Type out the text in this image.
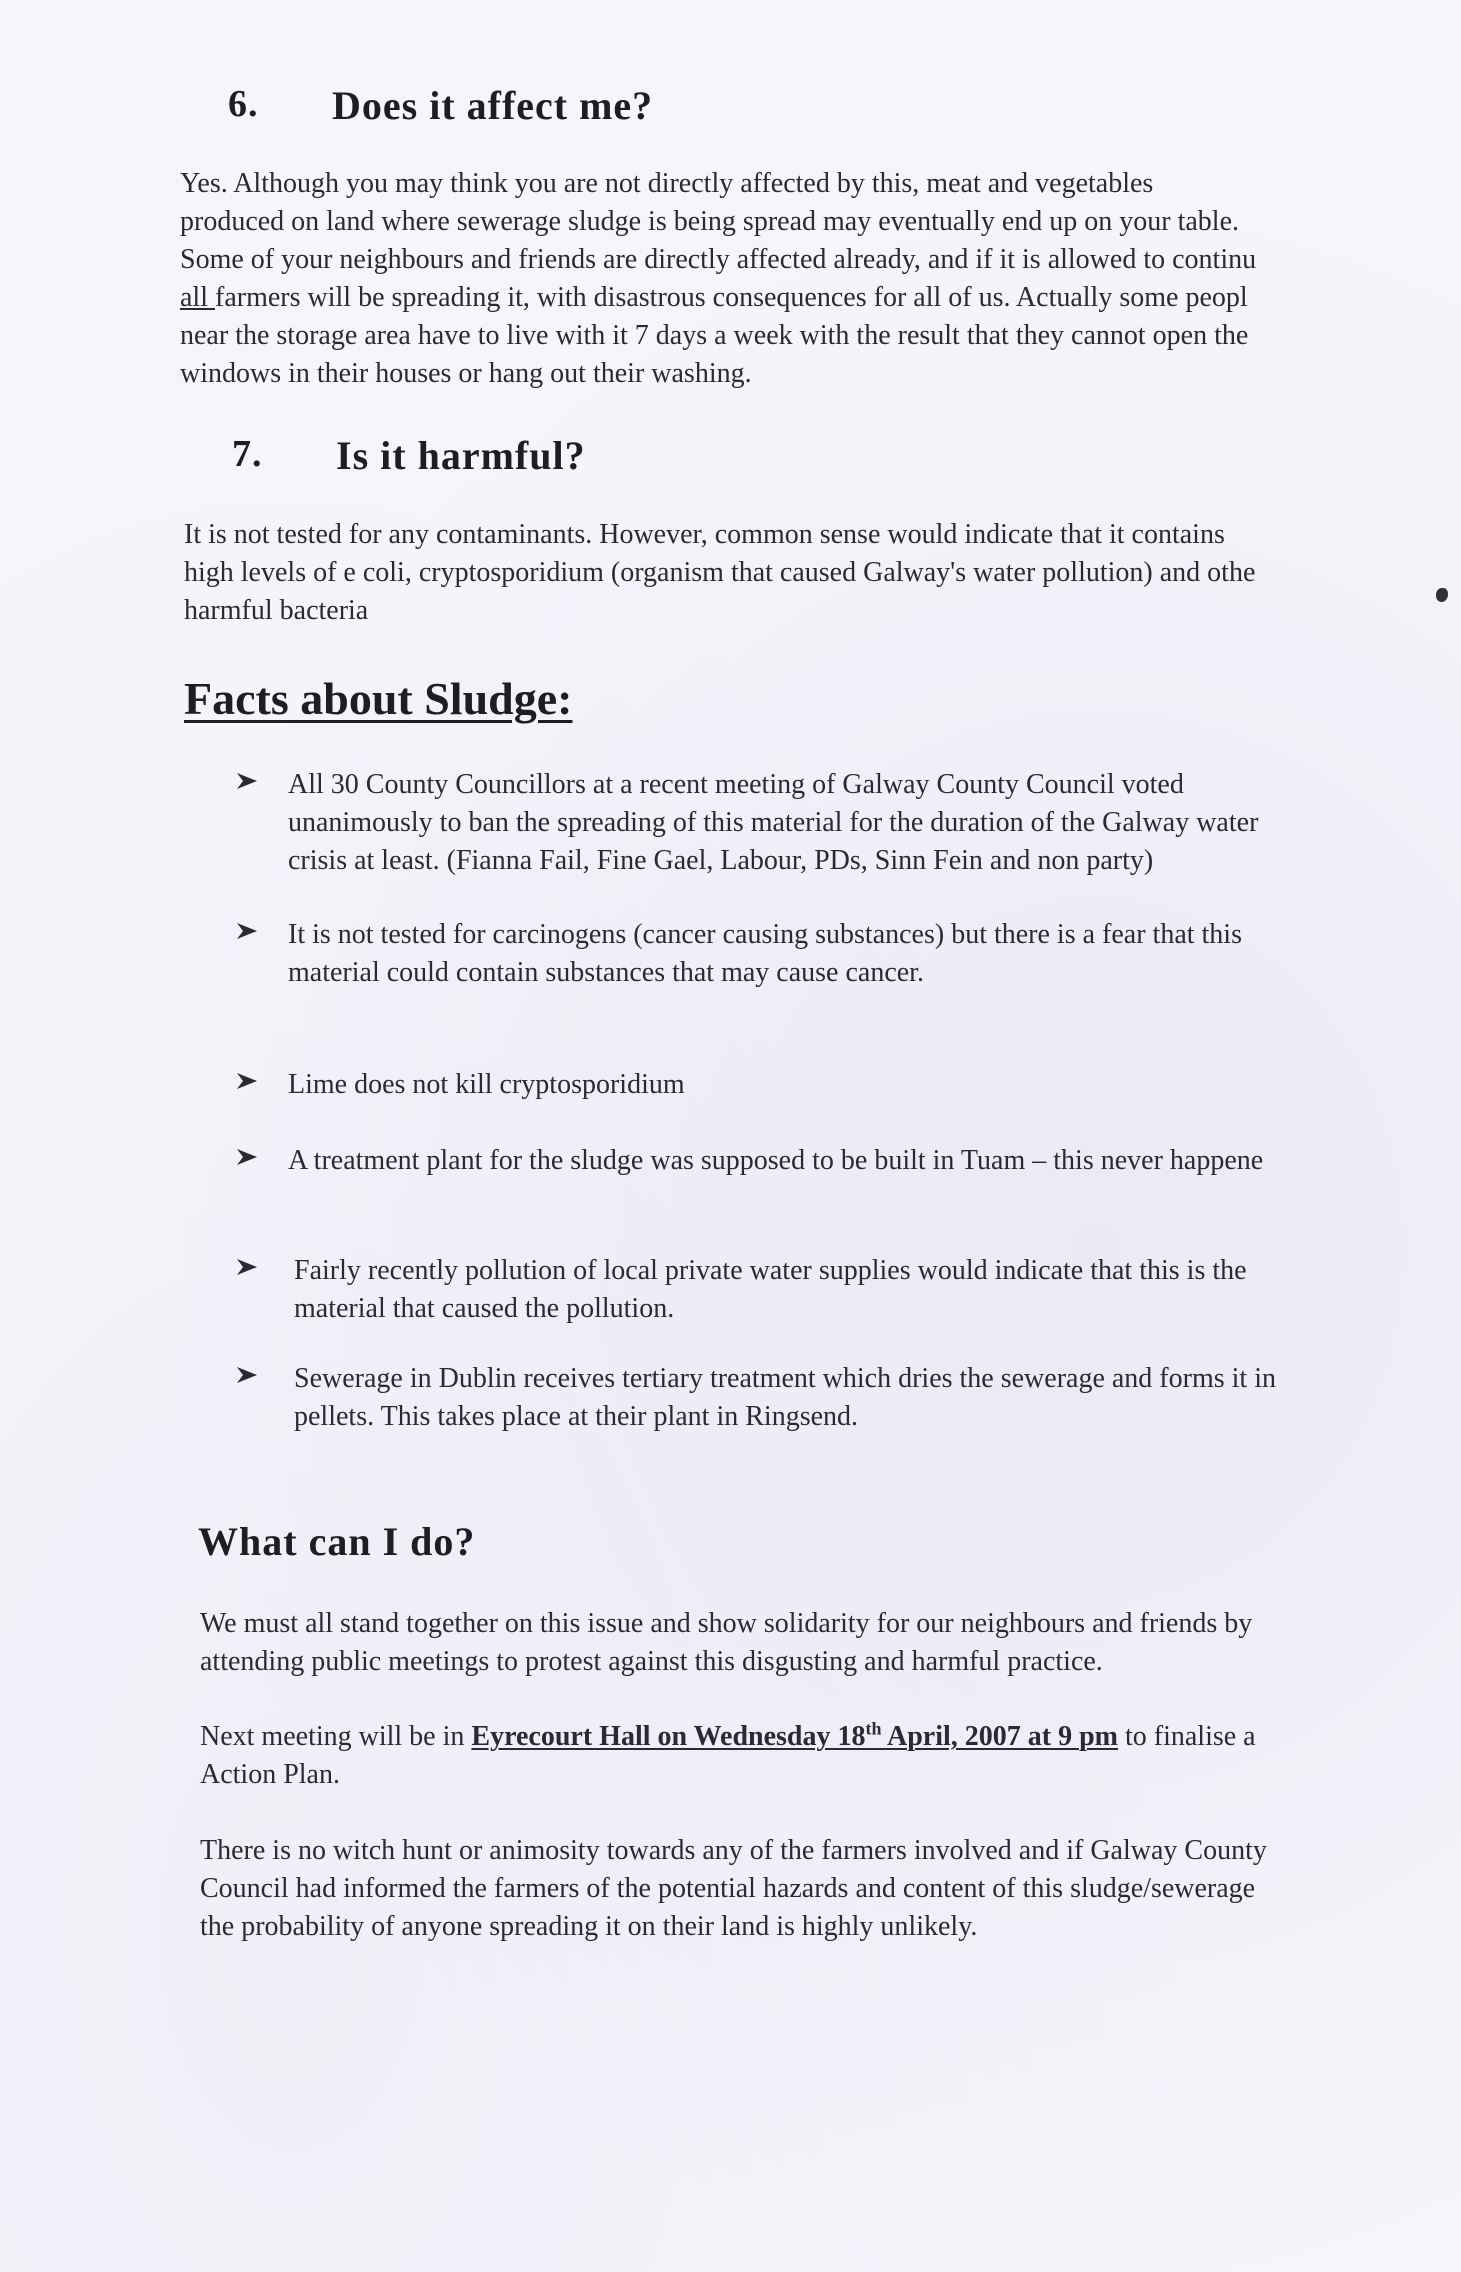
6. Does it affect me?
Yes. Although you may think you are not directly affected by this, meat and vegetables
produced on land where sewerage sludge is being spread may eventually end up on your table.
Some of your neighbours and friends are directly affected already, and if it is allowed to continu
all farmers will be spreading it, with disastrous consequences for all of us. Actually some peopl
near the storage area have to live with it 7 days a week with the result that they cannot open the
windows in their houses or hang out their washing.
7. Is it harmful?
It is not tested for any contaminants. However, common sense would indicate that it contains
high levels of e coli, cryptosporidium (organism that caused Galway's water pollution) and othe
harmful bacteria
Facts about Sludge:
All 30 County Councillors at a recent meeting of Galway County Council voted
unanimously to ban the spreading of this material for the duration of the Galway water
crisis at least. (Fianna Fail, Fine Gael, Labour, PDs, Sinn Fein and non party)
It is not tested for carcinogens (cancer causing substances) but there is a fear that this
material could contain substances that may cause cancer.
Lime does not kill cryptosporidium
A treatment plant for the sludge was supposed to be built in Tuam – this never happene
Fairly recently pollution of local private water supplies would indicate that this is the
material that caused the pollution.
Sewerage in Dublin receives tertiary treatment which dries the sewerage and forms it in
pellets. This takes place at their plant in Ringsend.
What can I do?
We must all stand together on this issue and show solidarity for our neighbours and friends by
attending public meetings to protest against this disgusting and harmful practice.
Next meeting will be in Eyrecourt Hall on Wednesday 18th April, 2007 at 9 pm to finalise a
Action Plan.
There is no witch hunt or animosity towards any of the farmers involved and if Galway County
Council had informed the farmers of the potential hazards and content of this sludge/sewerage
the probability of anyone spreading it on their land is highly unlikely.
